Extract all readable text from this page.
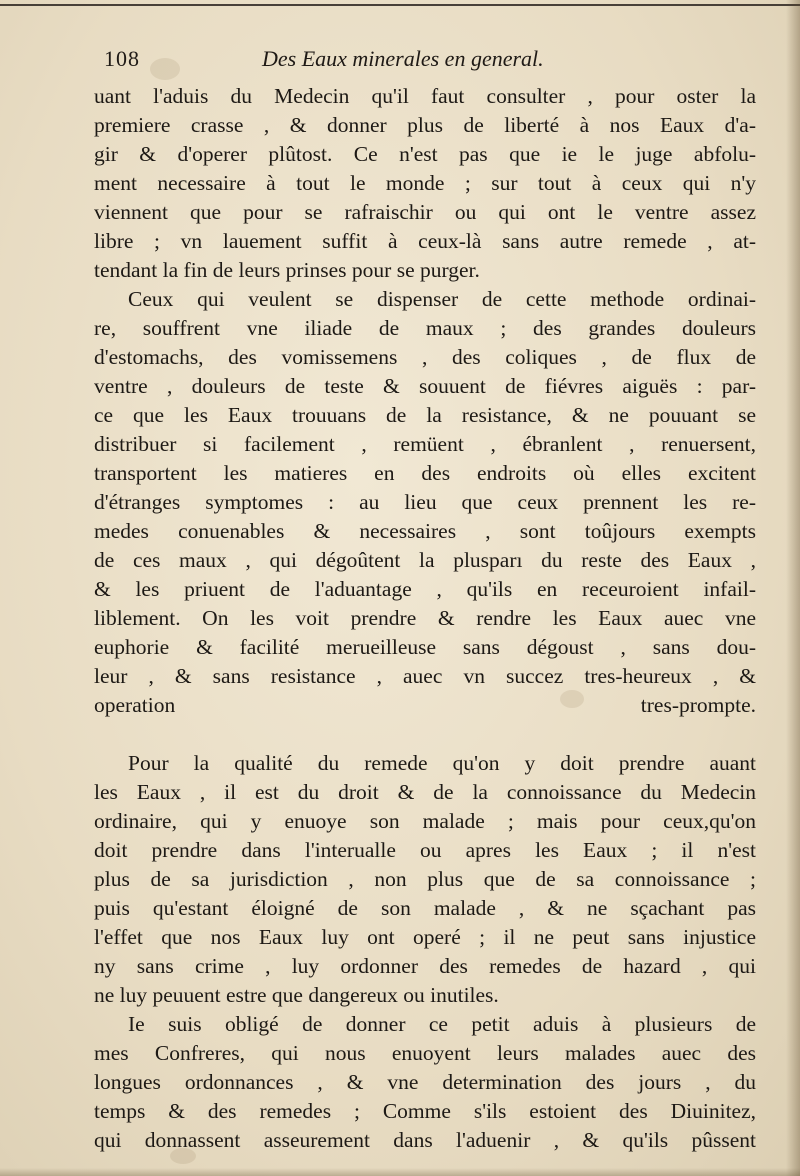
108	Des Eaux minerales en general.
uant l'aduis du Medecin qu'il faut consulter , pour oster la
premiere crasse , & donner plus de liberté à nos Eaux d'a-
gir & d'operer plûtost. Ce n'est pas que ie le juge abfolu-
ment necessaire à tout le monde ; sur tout à ceux qui n'y
viennent que pour se rafraischir ou qui ont le ventre assez
libre ; vn lauement suffit à ceux-là sans autre remede , at-
tendant la fin de leurs prinses pour se purger.
Ceux qui veulent se dispenser de cette methode ordinai-
re, souffrent vne iliade de maux ; des grandes douleurs
d'estomachs, des vomissemens , des coliques , de flux de
ventre , douleurs de teste & souuent de fiévres aiguës : par-
ce que les Eaux trouuans de la resistance, & ne pouuant se
distribuer si facilement , remüent , ébranlent , renuersent,
transportent les matieres en des endroits où elles excitent
d'étranges symptomes : au lieu que ceux prennent les re-
medes conuenables & necessaires , sont toûjours exempts
de ces maux , qui dégoûtent la plusparı du reste des Eaux ,
& les priuent de l'aduantage , qu'ils en receuroient infail-
liblement. On les voit prendre & rendre les Eaux auec vne
euphorie & facilité merueilleuse sans dégoust , sans dou-
leur , & sans resistance , auec vn succez tres-heureux , &
operation tres-prompte.
Pour la qualité du remede qu'on y doit prendre auant
les Eaux , il est du droit & de la connoissance du Medecin
ordinaire, qui y enuoye son malade ; mais pour ceux,qu'on
doit prendre dans l'interualle ou apres les Eaux ; il n'est
plus de sa jurisdiction , non plus que de sa connoissance ;
puis qu'estant éloigné de son malade , & ne sçachant pas
l'effet que nos Eaux luy ont operé ; il ne peut sans injustice
ny sans crime , luy ordonner des remedes de hazard , qui
ne luy peuuent estre que dangereux ou inutiles.
Ie suis obligé de donner ce petit aduis à plusieurs de
mes Confreres, qui nous enuoyent leurs malades auec des
longues ordonnances , & vne determination des jours , du
temps & des remedes ; Comme s'ils estoient des Diuinitez,
qui donnassent asseurement dans l'aduenir , & qu'ils pûssent
